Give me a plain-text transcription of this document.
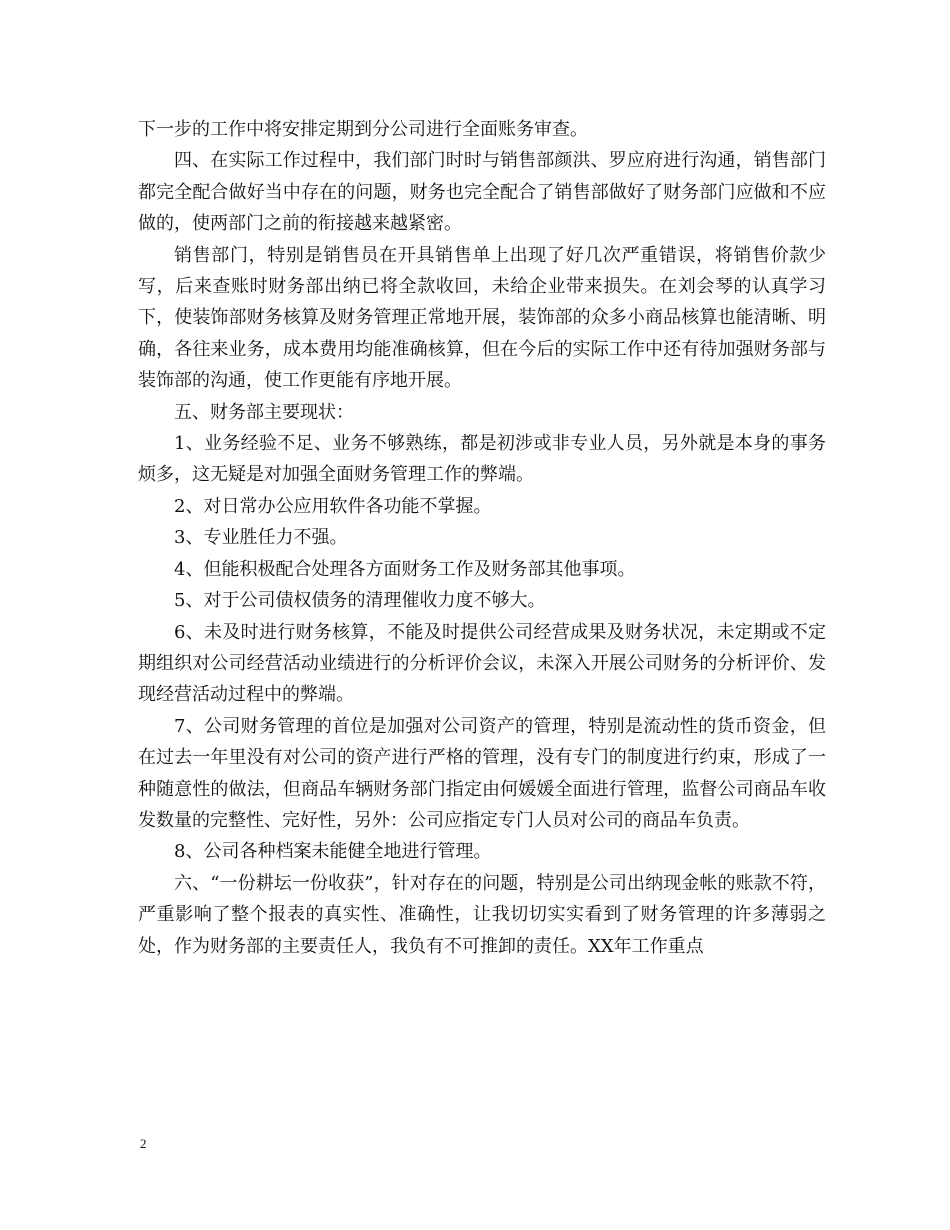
下一步的工作中将安排定期到分公司进行全面账务审查。

四、在实际工作过程中，我们部门时时与销售部颜洪、罗应府进行沟通，销售部门都完全配合做好当中存在的问题，财务也完全配合了销售部做好了财务部门应做和不应做的，使两部门之前的衔接越来越紧密。

销售部门，特别是销售员在开具销售单上出现了好几次严重错误，将销售价款少写，后来查账时财务部出纳已将全款收回，未给企业带来损失。在刘会琴的认真学习下，使装饰部财务核算及财务管理正常地开展，装饰部的众多小商品核算也能清晰、明确，各往来业务，成本费用均能准确核算，但在今后的实际工作中还有待加强财务部与装饰部的沟通，使工作更能有序地开展。

五、财务部主要现状：

1、业务经验不足、业务不够熟练，都是初涉或非专业人员，另外就是本身的事务烦多，这无疑是对加强全面财务管理工作的弊端。

2、对日常办公应用软件各功能不掌握。

3、专业胜任力不强。

4、但能积极配合处理各方面财务工作及财务部其他事项。

5、对于公司债权债务的清理催收力度不够大。

6、未及时进行财务核算，不能及时提供公司经营成果及财务状况，未定期或不定期组织对公司经营活动业绩进行的分析评价会议，未深入开展公司财务的分析评价、发现经营活动过程中的弊端。

7、公司财务管理的首位是加强对公司资产的管理，特别是流动性的货币资金，但在过去一年里没有对公司的资产进行严格的管理，没有专门的制度进行约束，形成了一种随意性的做法，但商品车辆财务部门指定由何媛媛全面进行管理，监督公司商品车收发数量的完整性、完好性，另外：公司应指定专门人员对公司的商品车负责。

8、公司各种档案未能健全地进行管理。

六、“一份耕坛一份收获”，针对存在的问题，特别是公司出纳现金帐的账款不符，严重影响了整个报表的真实性、准确性，让我切切实实看到了财务管理的许多薄弱之处，作为财务部的主要责任人，我负有不可推卸的责任。XX年工作重点

2
